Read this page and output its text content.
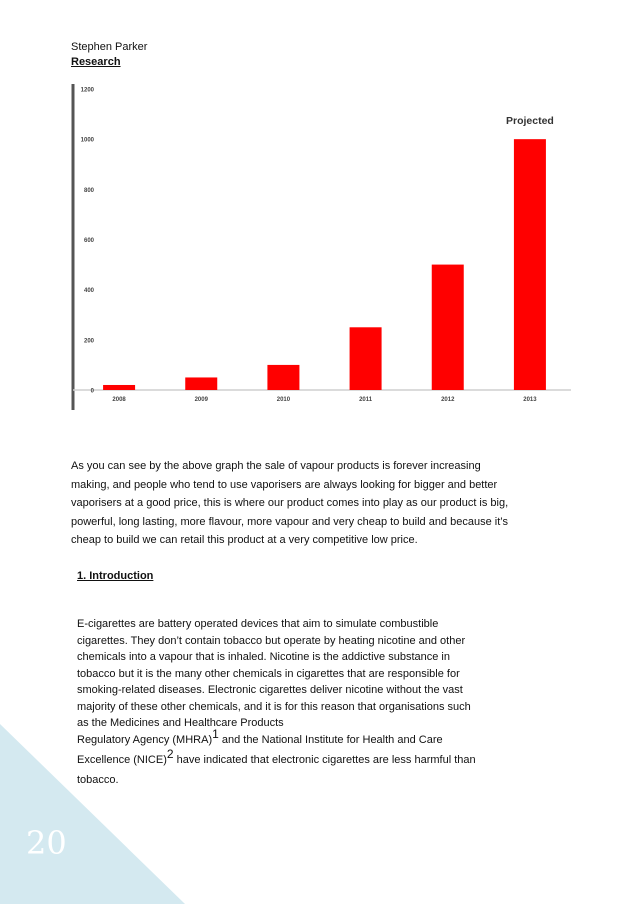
Stephen Parker
Research
0
200
400
600
800
1000
1200
2008	2009	2010	2011	2012	2013
Projected
As you can see by the above graph the sale of vapour products is forever increasing
making, and people who tend to use vaporisers are always looking for bigger and better
vaporisers at a good price, this is where our product comes into play as our product is big,
powerful, long lasting, more flavour, more vapour and very cheap to build and because it’s
cheap to build we can retail this product at a very competitive low price.
1. Introduction
E-cigarettes are battery operated devices that aim to simulate combustible
cigarettes. They don’t contain tobacco but operate by heating nicotine and other
chemicals into a vapour that is inhaled. Nicotine is the addictive substance in
tobacco but it is the many other chemicals in cigarettes that are responsible for
smoking-related diseases. Electronic cigarettes deliver nicotine without the vast
majority of these other chemicals, and it is for this reason that organisations such
as the Medicines and Healthcare Products
Regulatory Agency (MHRA)$^1$ and the National Institute for Health and Care
Excellence (NICE)$^2$ have indicated that electronic cigarettes are less harmful than
tobacco.
20
